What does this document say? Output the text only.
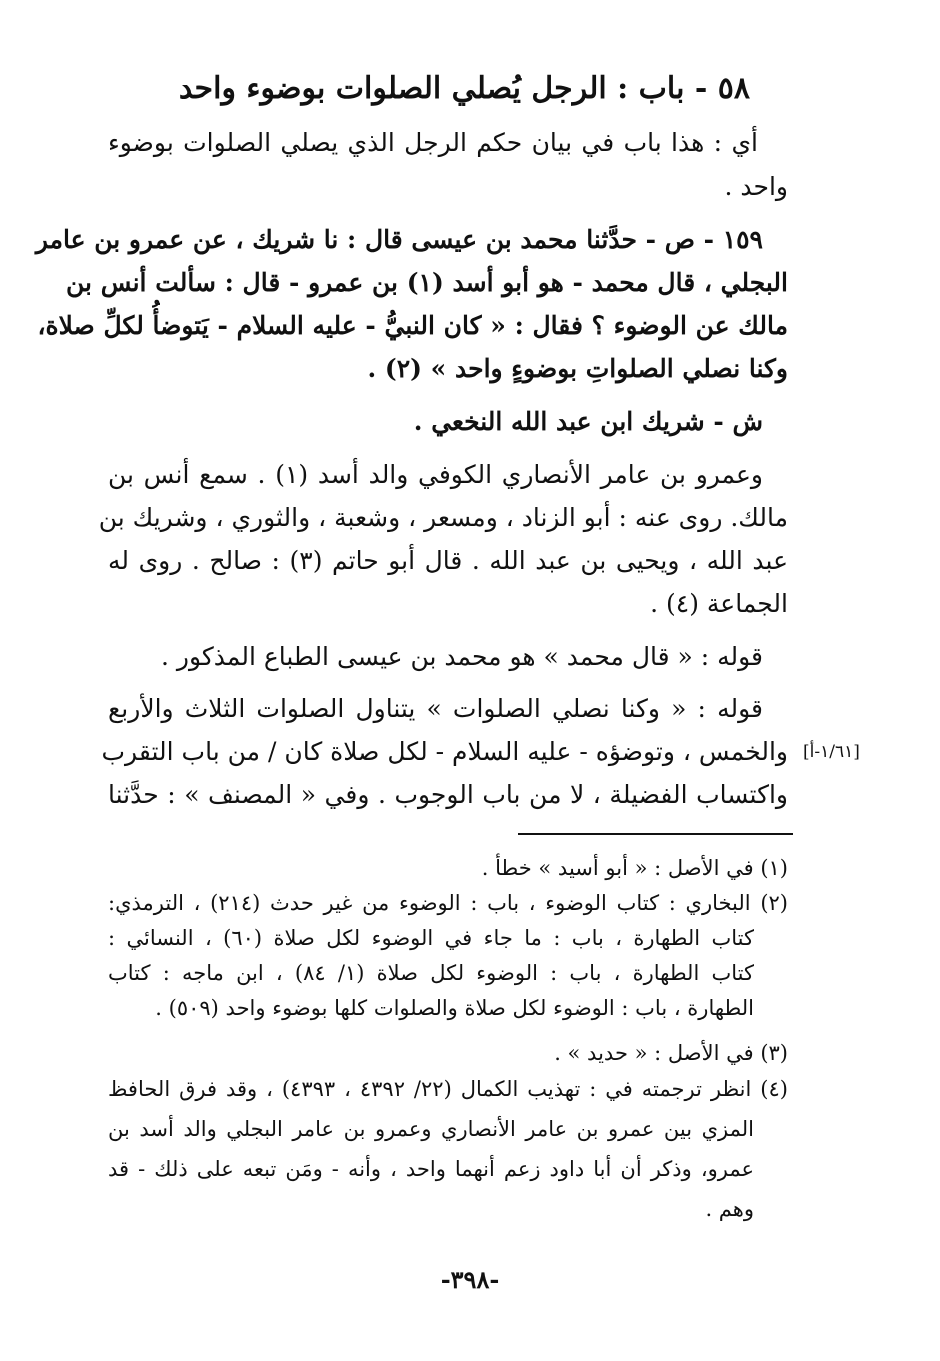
٥٨ - باب : الرجل يُصلي الصلوات بوضوء واحد
أي : هذا باب في بيان حكم الرجل الذي يصلي الصلوات بوضوء
واحد .
١٥٩ - ص - حدَّثنا محمد بن عيسى قال : نا شريك ، عن عمرو بن عامر
البجلي ، قال محمد - هو أبو أسد (١) بن عمرو - قال : سألت أنس بن
مالك عن الوضوء ؟ فقال : « كان النبيُّ - عليه السلام - يَتوضأُ لكلِّ صلاة،
وكنا نصلي الصلواتِ بوضوءٍ واحد » (٢) .
ش - شريك ابن عبد الله النخعي .
وعمرو بن عامر الأنصاري الكوفي والد أسد (١) . سمع أنس بن
مالك. روى عنه : أبو الزناد ، ومسعر ، وشعبة ، والثوري ، وشريك بن
عبد الله ، ويحيى بن عبد الله . قال أبو حاتم (٣) : صالح . روى له
الجماعة (٤) .
قوله : « قال محمد » هو محمد بن عيسى الطباع المذكور .
قوله : « وكنا نصلي الصلوات » يتناول الصلوات الثلاث والأربع
والخمس ، وتوضؤه - عليه السلام - لكل صلاة كان / من باب التقرب
واكتساب الفضيلة ، لا من باب الوجوب . وفي « المصنف » : حدَّثنا
[١/٦١-أ]
(١) في الأصل : « أبو أسيد » خطأ .
(٢) البخاري : كتاب الوضوء ، باب : الوضوء من غير حدث (٢١٤) ، الترمذي:
كتاب الطهارة ، باب : ما جاء في الوضوء لكل صلاة (٦٠) ، النسائي :
كتاب الطهارة ، باب : الوضوء لكل صلاة (١/ ٨٤) ، ابن ماجه : كتاب
الطهارة ، باب : الوضوء لكل صلاة والصلوات كلها بوضوء واحد (٥٠٩) .
(٣) في الأصل : « حديد » .
(٤) انظر ترجمته في : تهذيب الكمال (٢٢/ ٤٣٩٢ ، ٤٣٩٣) ، وقد فرق الحافظ
المزي بين عمرو بن عامر الأنصاري وعمرو بن عامر البجلي والد أسد بن
عمرو، وذكر أن أبا داود زعم أنهما واحد ، وأنه - ومَن تبعه على ذلك - قد
وهم .
-٣٩٨-
